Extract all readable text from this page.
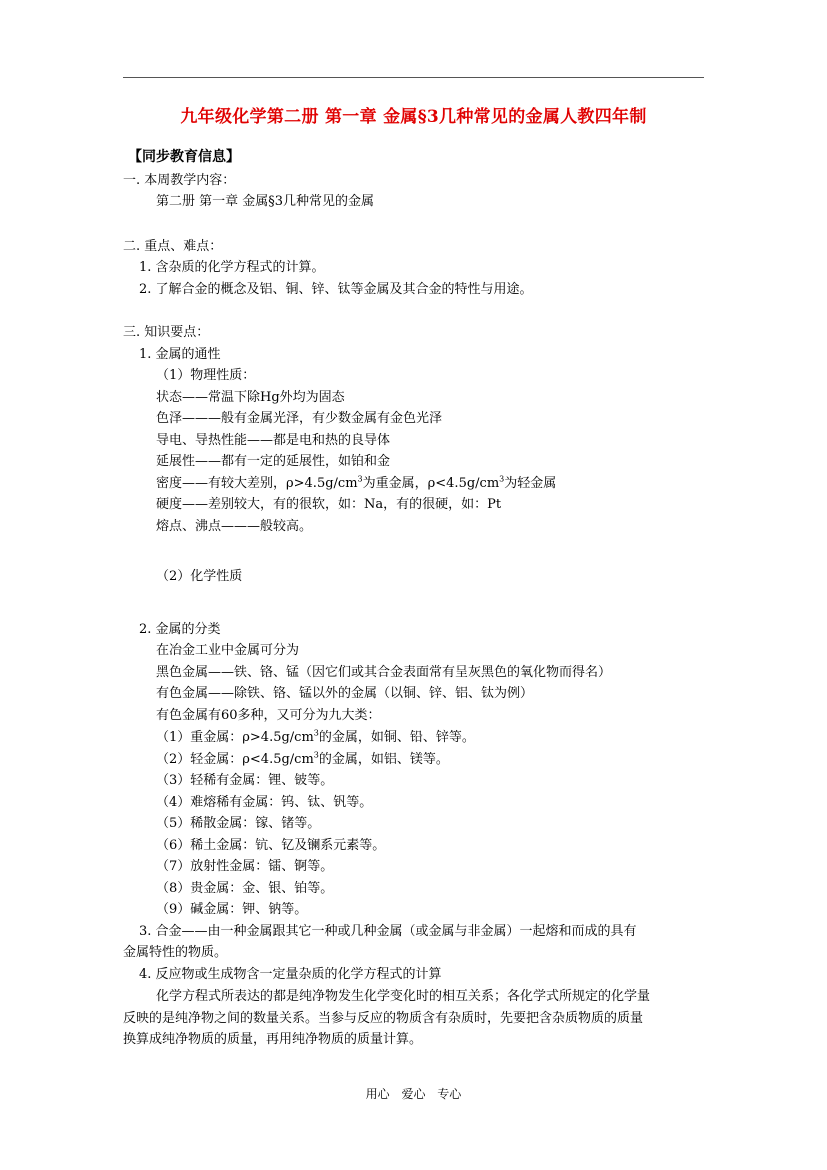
九年级化学第二册 第一章 金属§3几种常见的金属人教四年制
【同步教育信息】
一. 本周教学内容：
第二册 第一章 金属§3几种常见的金属
二. 重点、难点：
1. 含杂质的化学方程式的计算。
2. 了解合金的概念及铝、铜、锌、钛等金属及其合金的特性与用途。
三. 知识要点：
1. 金属的通性
（1）物理性质：
状态——常温下除Hg外均为固态
色泽———般有金属光泽，有少数金属有金色光泽
导电、导热性能——都是电和热的良导体
延展性——都有一定的延展性，如铂和金
密度——有较大差别，$\rho>4.5g/cm^3$为重金属，$\rho<4.5g/cm^3$为轻金属
硬度——差别较大，有的很软，如：Na，有的很硬，如：Pt
熔点、沸点———般较高。
（2）化学性质
2. 金属的分类
在冶金工业中金属可分为
黑色金属——铁、铬、锰（因它们或其合金表面常有呈灰黑色的氧化物而得名）
有色金属——除铁、铬、锰以外的金属（以铜、锌、铝、钛为例）
有色金属有60多种，又可分为九大类：
（1）重金属：$\rho>4.5g/cm^3$的金属，如铜、铅、锌等。
（2）轻金属：$\rho<4.5g/cm^3$的金属，如铝、镁等。
（3）轻稀有金属：锂、铍等。
（4）难熔稀有金属：钨、钛、钒等。
（5）稀散金属：镓、锗等。
（6）稀土金属：钪、钇及镧系元素等。
（7）放射性金属：镭、锕等。
（8）贵金属：金、银、铂等。
（9）碱金属：钾、钠等。
3. 合金——由一种金属跟其它一种或几种金属（或金属与非金属）一起熔和而成的具有
金属特性的物质。
4. 反应物或生成物含一定量杂质的化学方程式的计算
化学方程式所表达的都是纯净物发生化学变化时的相互关系；各化学式所规定的化学量
反映的是纯净物之间的数量关系。当参与反应的物质含有杂质时，先要把含杂质物质的质量
换算成纯净物质的质量，再用纯净物质的质量计算。
用心 爱心 专心
